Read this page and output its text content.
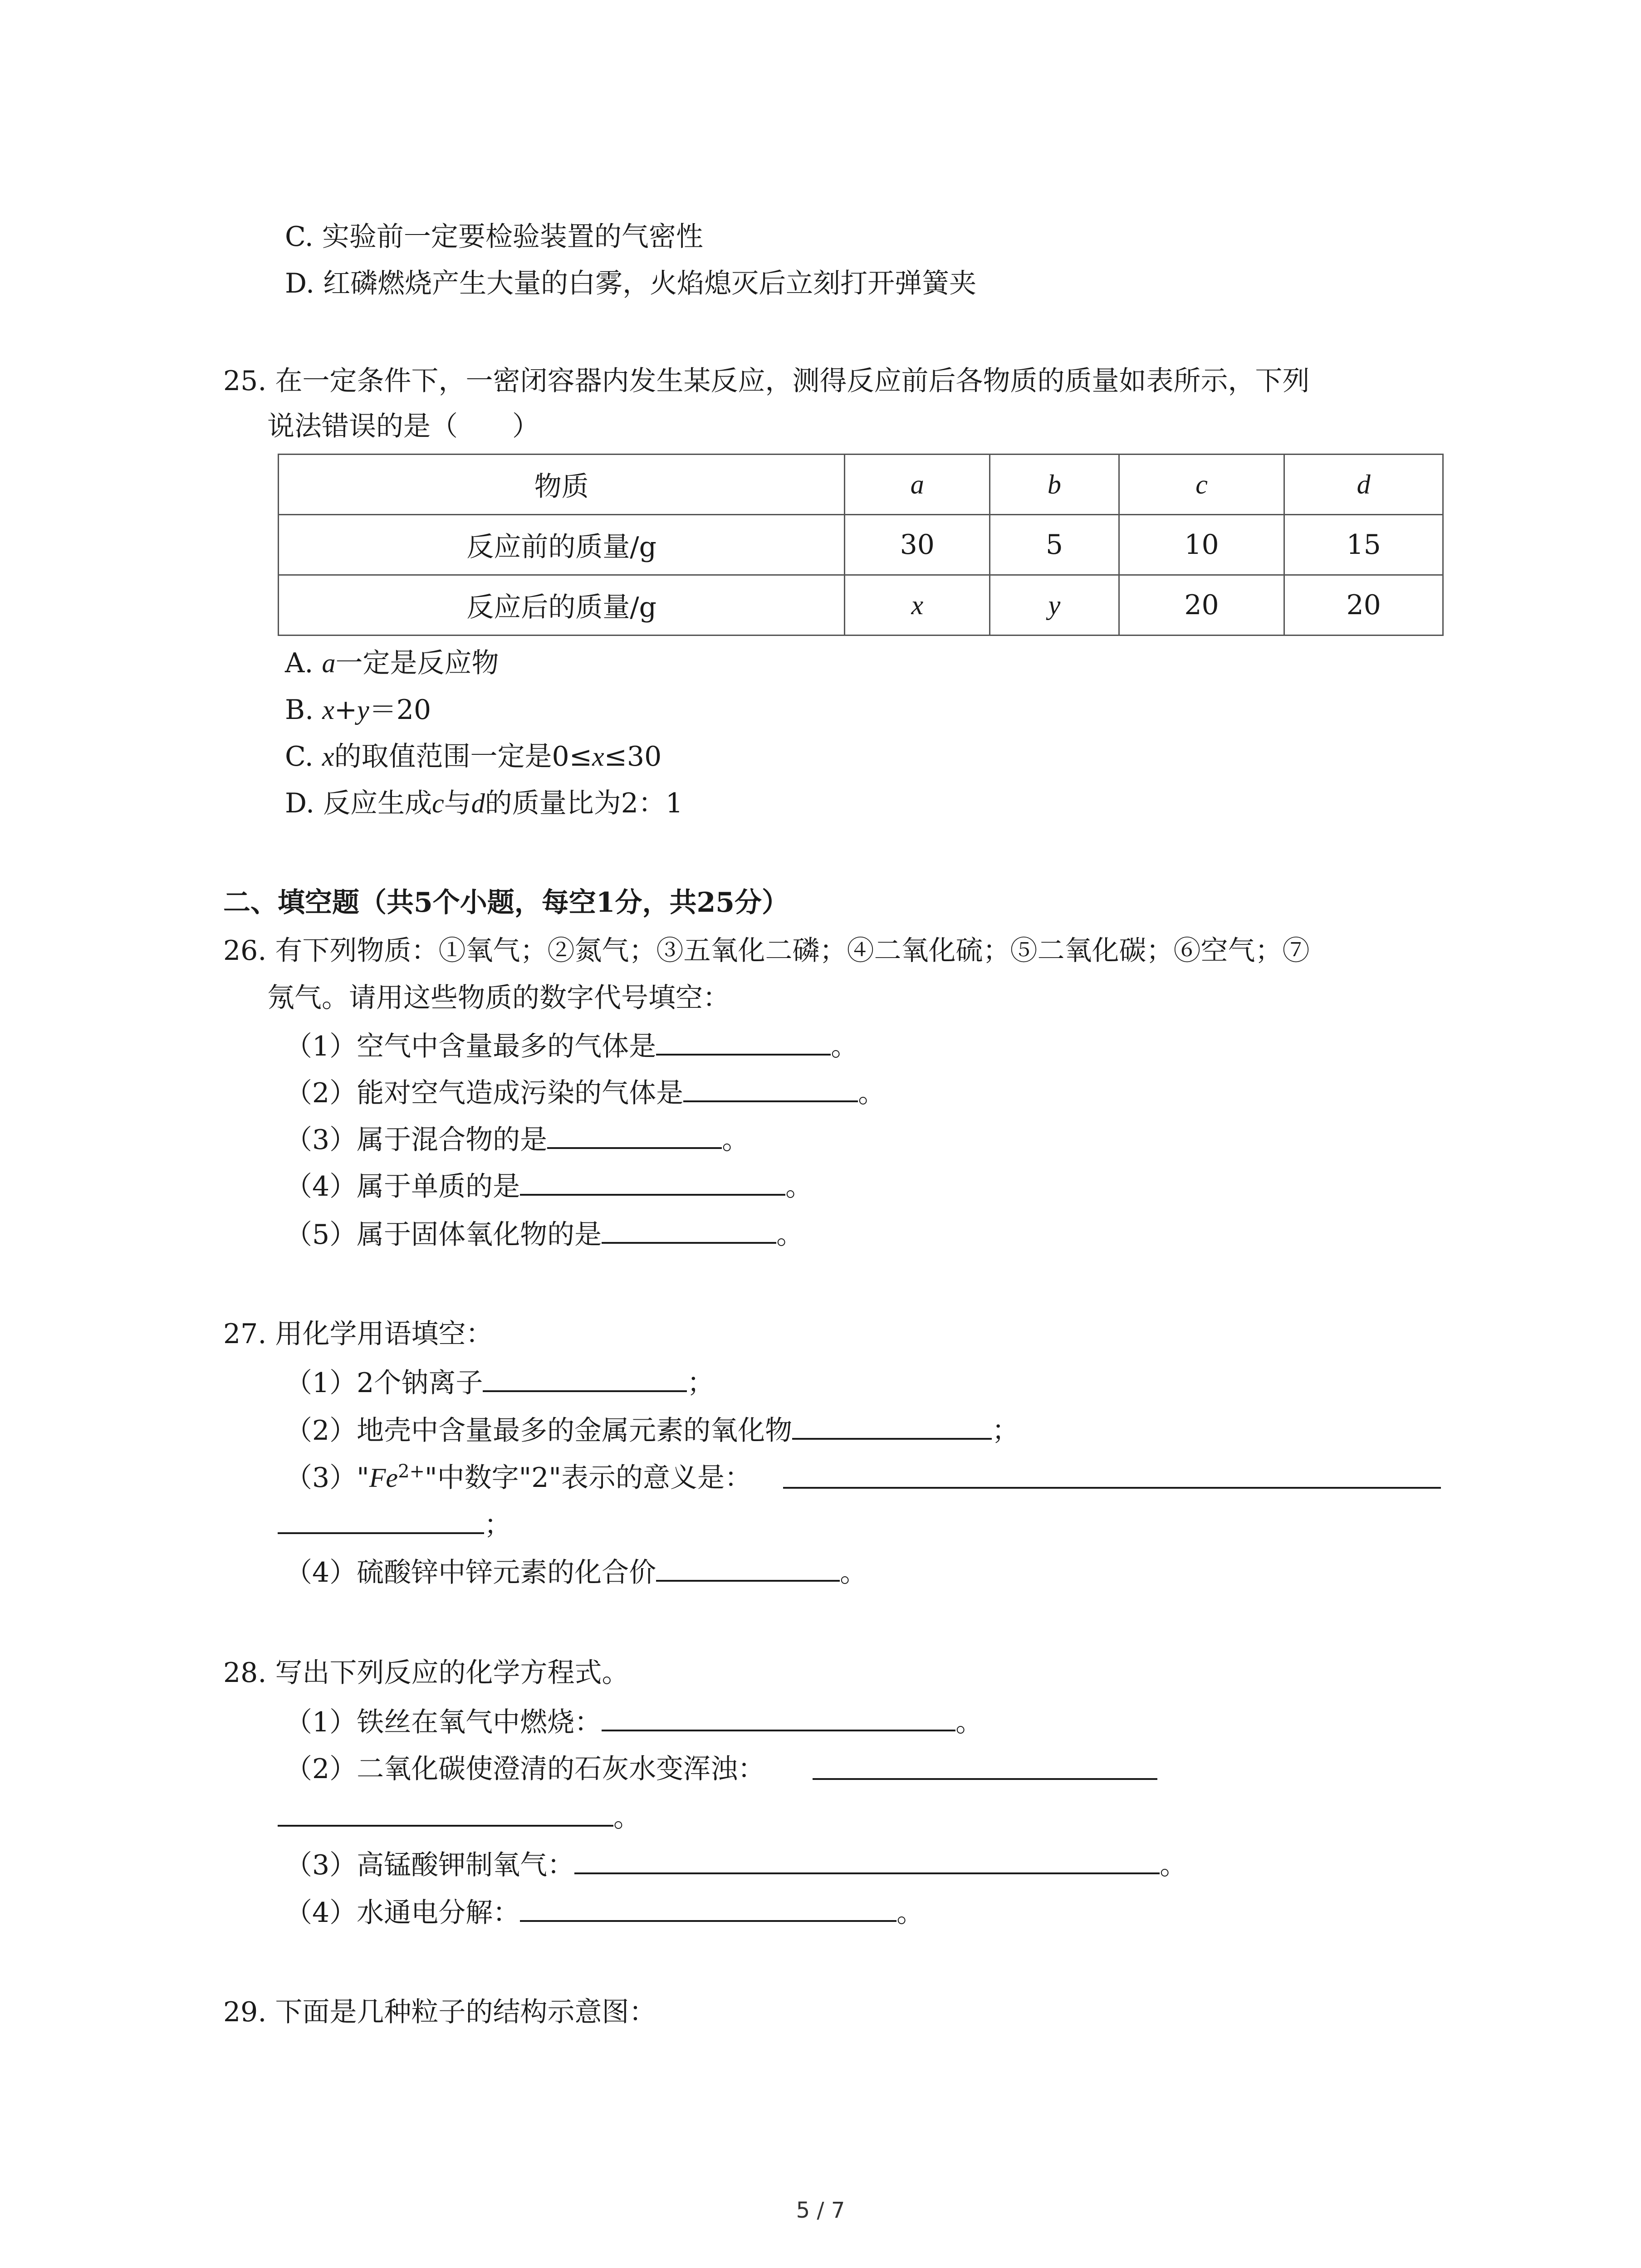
C. 实验前一定要检验装置的气密性
D. 红磷燃烧产生大量的白雾，火焰熄灭后立刻打开弹簧夹
25. 在一定条件下，一密闭容器内发生某反应，测得反应前后各物质的质量如表所示，下列
说法错误的是（　　）
物质	a	b	c	d
反应前的质量/g	30	5	10	15
反应后的质量/g	x	y	20	20
A. a一定是反应物
B. x+y＝20
C. x的取值范围一定是0≤x≤30
D. 反应生成c与d的质量比为2：1
二、填空题（共5个小题，每空1分，共25分）
26. 有下列物质：①氧气；②氮气；③五氧化二磷；④二氧化硫；⑤二氧化碳；⑥空气；⑦
氖气。请用这些物质的数字代号填空：
（1）空气中含量最多的气体是	。
（2）能对空气造成污染的气体是	。
（3）属于混合物的是	。
（4）属于单质的是	。
（5）属于固体氧化物的是	。
27. 用化学用语填空：
（1）2个钠离子	；
（2）地壳中含量最多的金属元素的氧化物	；
$(3)"Fe^{2+}$"中数字"2"表示的意义是：
；
（4）硫酸锌中锌元素的化合价	。
28. 写出下列反应的化学方程式。
（1）铁丝在氧气中燃烧：	。
（2）二氧化碳使澄清的石灰水变浑浊：
。
（3）高锰酸钾制氧气：	。
（4）水通电分解：	。
29. 下面是几种粒子的结构示意图：
5 / 7
